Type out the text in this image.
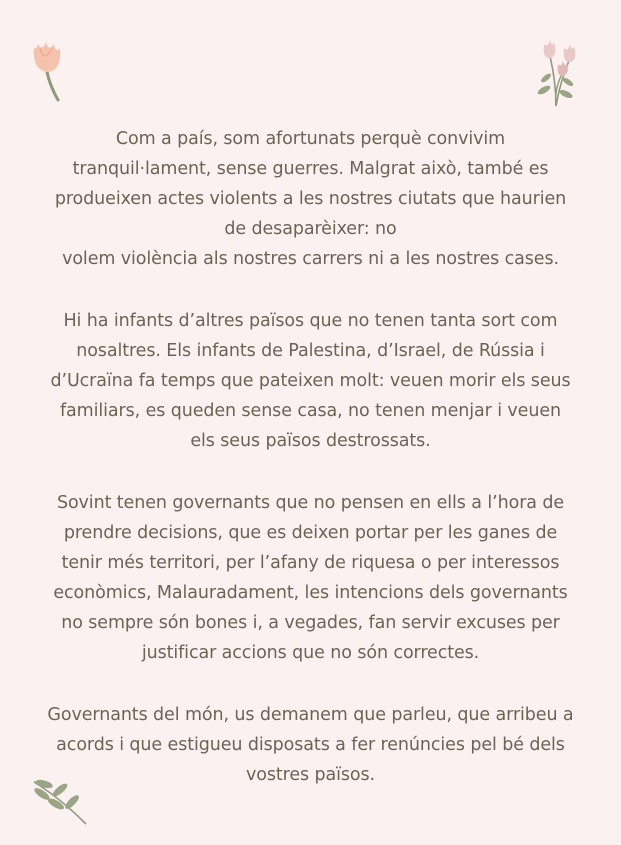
Com a país, som afortunats perquè convivim
tranquil·lament, sense guerres. Malgrat això, també es
produeixen actes violents a les nostres ciutats que haurien
de desaparèixer: no
volem violència als nostres carrers ni a les nostres cases.
Hi ha infants d’altres països que no tenen tanta sort com
nosaltres. Els infants de Palestina, d’Israel, de Rússia i
d’Ucraïna fa temps que pateixen molt: veuen morir els seus
familiars, es queden sense casa, no tenen menjar i veuen
els seus països destrossats.
Sovint tenen governants que no pensen en ells a l’hora de
prendre decisions, que es deixen portar per les ganes de
tenir més territori, per l’afany de riquesa o per interessos
econòmics, Malauradament, les intencions dels governants
no sempre són bones i, a vegades, fan servir excuses per
justificar accions que no són correctes.
Governants del món, us demanem que parleu, que arribeu a
acords i que estigueu disposats a fer renúncies pel bé dels
vostres països.
